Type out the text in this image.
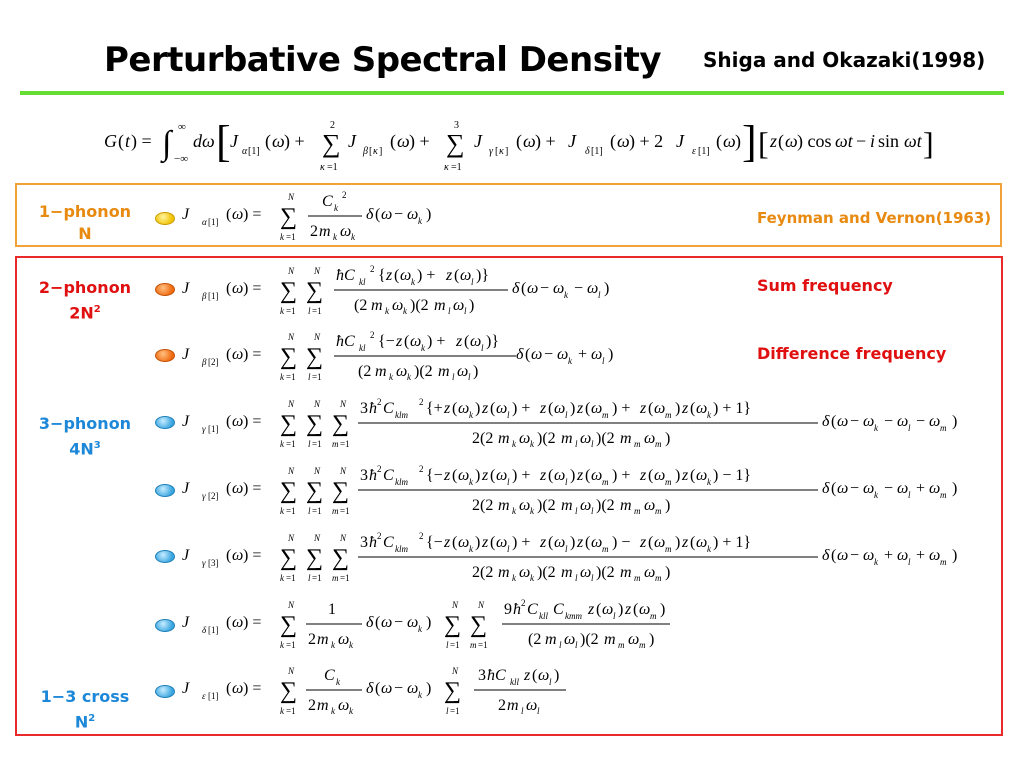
Perturbative Spectral Density Shiga and Okazaki(1998)
G ( t ) = ∫ ∞
−∞
dω [ J
α [1]
( ω ) + ∑
2
κ =1
J
β [ κ ]
( ω ) + ∑
3
κ =1
J
γ [ κ ]
( ω ) + J
δ [1]
( ω ) + 2 J
ε [1]
( ω ) ] [ z ( ω ) cos ωt − i sin ωt ]
1−phonon
N
J α [1] ( ω ) = ∑
N
k =1
C k
2
2 m k ω k
δ ( ω − ω k )	Feynman and Vernon(1963)
2−phonon
$2N^2$
3−phonon
$4N^3$
1−3 cross
$N^2$
Sum frequency
Difference frequency
J β [1] ( ω ) = ∑
N
k =1
∑
N
l =1
ħC kl
2 { z ( ω k ) + z ( ω l )}
(2 m k ω k )(2 m l ω l )
δ ( ω − ω k − ω l )
J β [2] ( ω ) = ∑
N
k =1
∑
N
l =1
ħC kl
2 {− z ( ω k ) + z ( ω l )}
(2 m k ω k )(2 m l ω l )
δ ( ω − ω k + ω l )
J γ [1] ( ω ) = ∑
N
k =1
∑
N
l =1
∑
N
m =1
3 ħ 2 C klm
2 {+ z ( ω k ) z ( ω l ) + z ( ω l ) z ( ω m ) + z ( ω m ) z ( ω k ) + 1}
2(2 m k ω k )(2 m l ω l )(2 m m ω m )
δ ( ω − ω k − ω l − ω m )
J γ [2] ( ω ) = ∑
N
k =1
∑
N
l =1
∑
N
m =1
3 ħ 2 C klm
2 {− z ( ω k ) z ( ω l ) + z ( ω l ) z ( ω m ) + z ( ω m ) z ( ω k ) − 1}
2(2 m k ω k )(2 m l ω l )(2 m m ω m )
δ ( ω − ω k − ω l + ω m )
J γ [3] ( ω ) = ∑
N
k =1
∑
N
l =1
∑
N
m =1
3 ħ 2 C klm
2 {− z ( ω k ) z ( ω l ) + z ( ω l ) z ( ω m ) − z ( ω m ) z ( ω k ) + 1}
2(2 m k ω k )(2 m l ω l )(2 m m ω m )
δ ( ω − ω k + ω l + ω m )
J δ [1] ( ω ) = ∑
N
k =1
1
2 m k ω k
δ ( ω − ω k ) ∑
N
l =1
∑
N
m =1
9 ħ 2 C kll C kmm z ( ω l ) z ( ω m )
(2 m l ω l )(2 m m ω m )
J ε [1] ( ω ) = ∑
N
k =1
C k
2 m k ω k
δ ( ω − ω k ) ∑
N
l =1
3 ħC kll z ( ω l )
2 m l ω l
